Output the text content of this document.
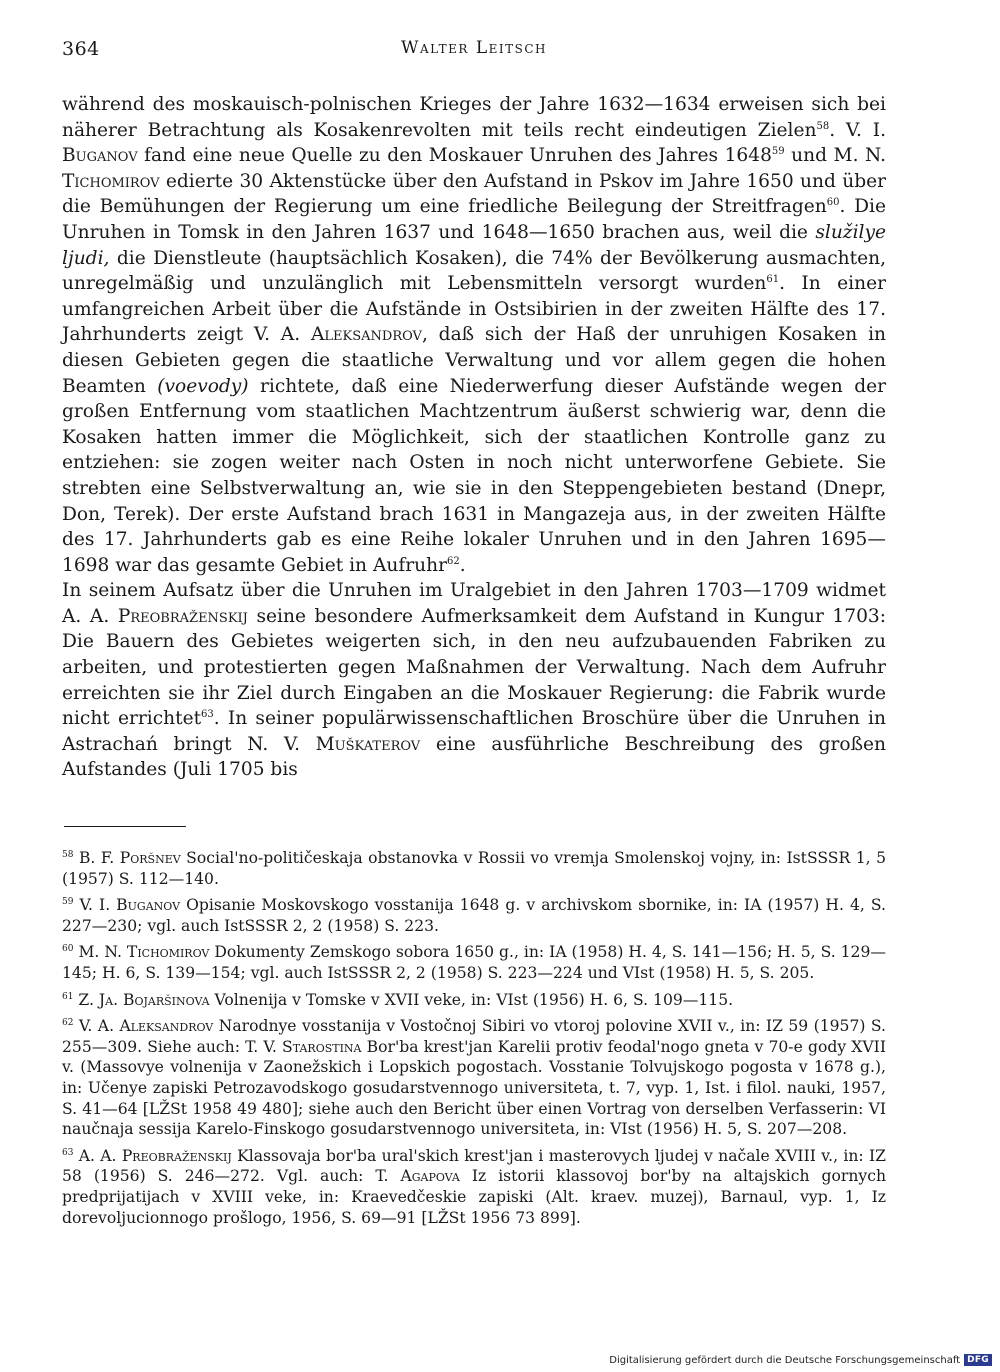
364	Walter Leitsch

während des moskauisch-polnischen Krieges der Jahre 1632—1634 erweisen sich bei näherer Betrachtung als Kosakenrevolten mit teils recht eindeutigen Zielen$^{58}$. V. I. Buganov fand eine neue Quelle zu den Moskauer Unruhen des Jahres 1648$^{59}$ und M. N. Tichomirov edierte 30 Aktenstücke über den Aufstand in Pskov im Jahre 1650 und über die Bemühungen der Regierung um eine friedliche Beilegung der Streitfragen$^{60}$. Die Unruhen in Tomsk in den Jahren 1637 und 1648—1650 brachen aus, weil die služilye ljudi, die Dienstleute (hauptsächlich Kosaken), die 74% der Bevölkerung ausmachten, unregelmäßig und unzulänglich mit Lebensmitteln versorgt wurden$^{61}$. In einer umfangreichen Arbeit über die Aufstände in Ostsibirien in der zweiten Hälfte des 17. Jahrhunderts zeigt V. A. Aleksandrov, daß sich der Haß der unruhigen Kosaken in diesen Gebieten gegen die staatliche Verwaltung und vor allem gegen die hohen Beamten (voevody) richtete, daß eine Niederwerfung dieser Aufstände wegen der großen Entfernung vom staatlichen Machtzentrum äußerst schwierig war, denn die Kosaken hatten immer die Möglichkeit, sich der staatlichen Kontrolle ganz zu entziehen: sie zogen weiter nach Osten in noch nicht unterworfene Gebiete. Sie strebten eine Selbstverwaltung an, wie sie in den Steppengebieten bestand (Dnepr, Don, Terek). Der erste Aufstand brach 1631 in Mangazeja aus, in der zweiten Hälfte des 17. Jahrhunderts gab es eine Reihe lokaler Unruhen und in den Jahren 1695—1698 war das gesamte Gebiet in Aufruhr$^{62}$.

In seinem Aufsatz über die Unruhen im Uralgebiet in den Jahren 1703—1709 widmet A. A. Preobraženskij seine besondere Aufmerksamkeit dem Aufstand in Kungur 1703: Die Bauern des Gebietes weigerten sich, in den neu aufzubauenden Fabriken zu arbeiten, und protestierten gegen Maßnahmen der Verwaltung. Nach dem Aufruhr erreichten sie ihr Ziel durch Eingaben an die Moskauer Regierung: die Fabrik wurde nicht errichtet$^{63}$. In seiner populärwissenschaftlichen Broschüre über die Unruhen in Astrachań bringt N. V. Muškaterov eine ausführliche Beschreibung des großen Aufstandes (Juli 1705 bis

$^{58}$ B. F. Poršnev Social'no-političeskaja obstanovka v Rossii vo vremja Smolenskoj vojny, in: IstSSSR 1, 5 (1957) S. 112—140.

$^{59}$ V. I. Buganov Opisanie Moskovskogo vosstanija 1648 g. v archivskom sbornike, in: IA (1957) H. 4, S. 227—230; vgl. auch IstSSSR 2, 2 (1958) S. 223.

$^{60}$ M. N. Tichomirov Dokumenty Zemskogo sobora 1650 g., in: IA (1958) H. 4, S. 141—156; H. 5, S. 129—145; H. 6, S. 139—154; vgl. auch IstSSSR 2, 2 (1958) S. 223—224 und VIst (1958) H. 5, S. 205.

$^{61}$ Z. Ja. Bojaršinova Volnenija v Tomske v XVII veke, in: VIst (1956) H. 6, S. 109—115.

$^{62}$ V. A. Aleksandrov Narodnye vosstanija v Vostočnoj Sibiri vo vtoroj polovine XVII v., in: IZ 59 (1957) S. 255—309. Siehe auch: T. V. Starostina Bor'ba krest'jan Karelii protiv feodal'nogo gneta v 70-e gody XVII v. (Massovye volnenija v Zaonežskich i Lopskich pogostach. Vosstanie Tolvujskogo pogosta v 1678 g.), in: Učenye zapiski Petrozavodskogo gosudarstvennogo universiteta, t. 7, vyp. 1, Ist. i filol. nauki, 1957, S. 41—64 [LŽSt 1958 49 480]; siehe auch den Bericht über einen Vortrag von derselben Verfasserin: VI naučnaja sessija Karelo-Finskogo gosudarstvennogo universiteta, in: VIst (1956) H. 5, S. 207—208.

$^{63}$ A. A. Preobraženskij Klassovaja bor'ba ural'skich krest'jan i masterovych ljudej v načale XVIII v., in: IZ 58 (1956) S. 246—272. Vgl. auch: T. Agapova Iz istorii klassovoj bor'by na altajskich gornych predprijatijach v XVIII veke, in: Kraevedčeskie zapiski (Alt. kraev. muzej), Barnaul, vyp. 1, Iz dorevoljucionnogo prošlogo, 1956, S. 69—91 [LŽSt 1956 73 899].

Digitalisierung gefördert durch die Deutsche Forschungsgemeinschaft DFG
